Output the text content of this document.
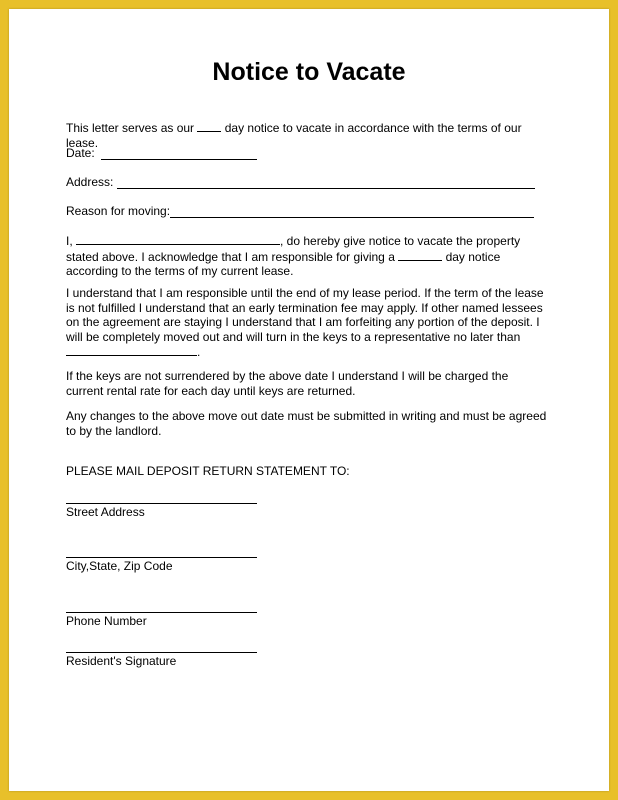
Notice to Vacate
This letter serves as our	day notice to vacate in accordance with the terms of our lease.
Date:
Address:
Reason for moving:
I,	, do hereby give notice to vacate the property stated above. I acknowledge that I am responsible for giving a	day notice according to the terms of my current lease.
I understand that I am responsible until the end of my lease period. If the term of the lease is not fulfilled I understand that an early termination fee may apply. If other named lessees on the agreement are staying I understand that I am forfeiting any portion of the deposit. I will be completely moved out and will turn in the keys to a representative no later than .
If the keys are not surrendered by the above date I understand I will be charged the current rental rate for each day until keys are returned.
Any changes to the above move out date must be submitted in writing and must be agreed to by the landlord.
PLEASE MAIL DEPOSIT RETURN STATEMENT TO:
Street Address
City,State, Zip Code
Phone Number
Resident's Signature
